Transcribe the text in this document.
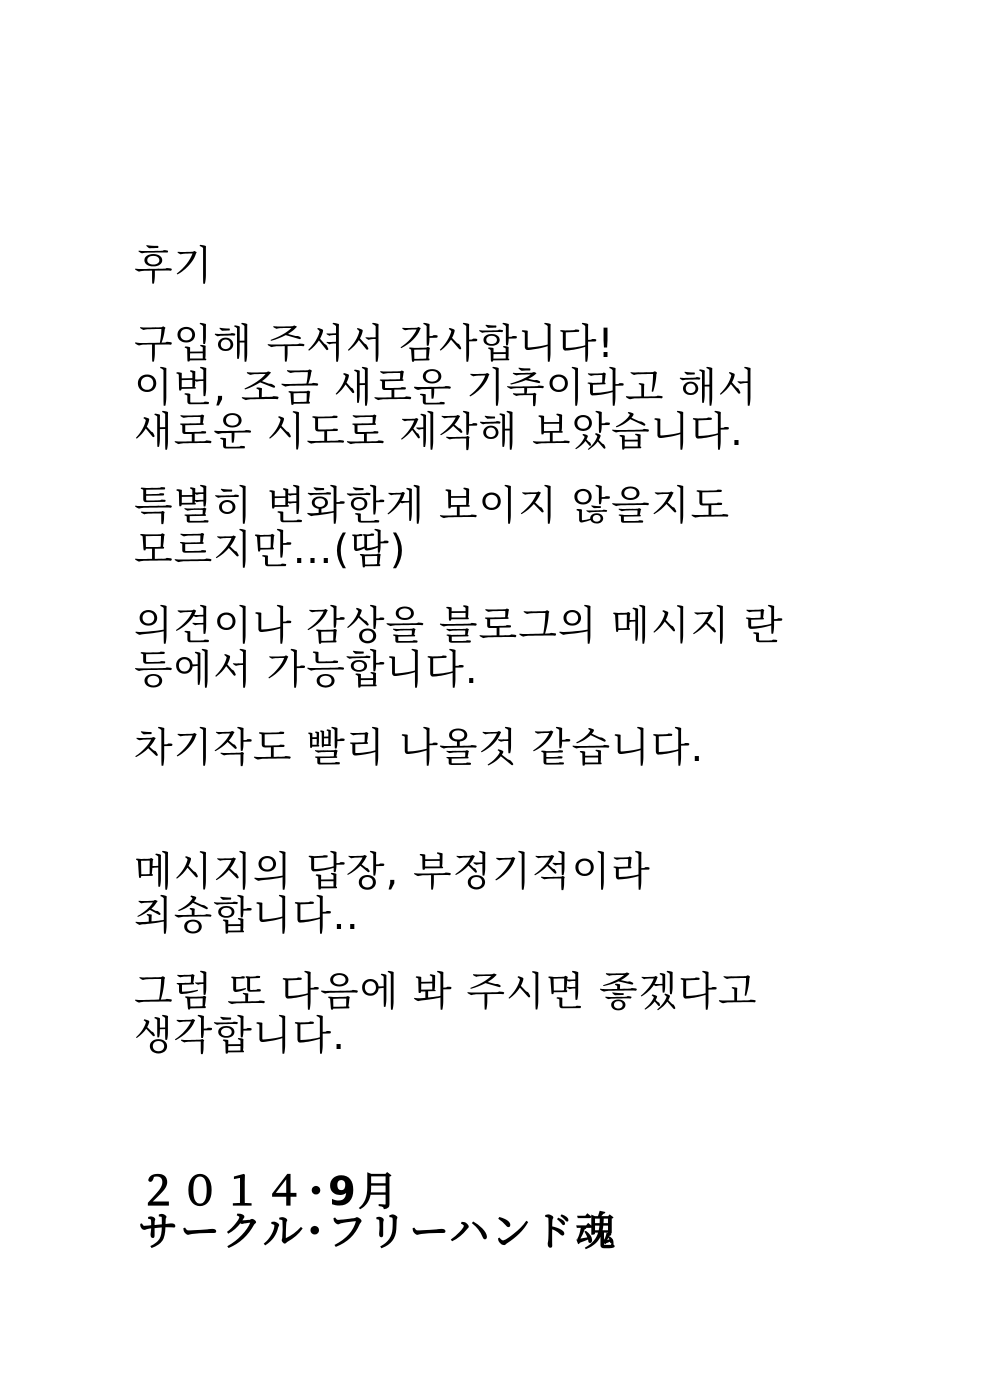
후기
구입해 주셔서 감사합니다!
이번, 조금 새로운 기축이라고 해서
새로운 시도로 제작해 보았습니다.
특별히 변화한게 보이지 않을지도
모르지만…(땀)
의견이나 감상을 블로그의 메시지 란
등에서 가능합니다.
차기작도 빨리 나올것 같습니다.
메시지의 답장, 부정기적이라
죄송합니다‥
그럼 또 다음에 봐 주시면 좋겠다고
생각합니다.
２０１４･9月
サークル･フリーハンド魂
